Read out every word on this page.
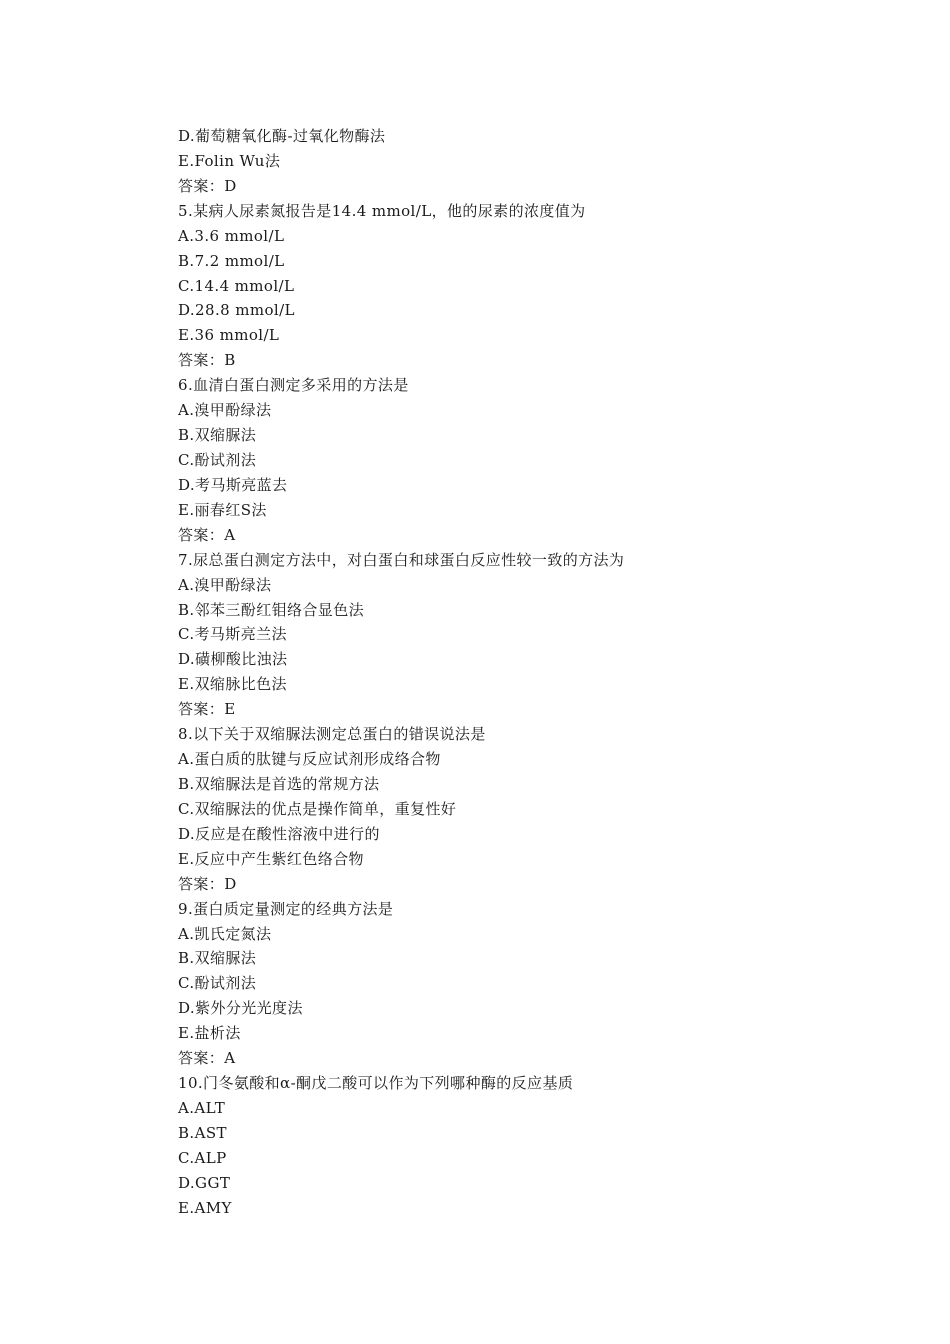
D.葡萄糖氧化酶-过氧化物酶法
E.Folin Wu法
答案：D
5.某病人尿素氮报告是14.4 mmol/L，他的尿素的浓度值为
A.3.6 mmol/L
B.7.2 mmol/L
C.14.4 mmol/L
D.28.8 mmol/L
E.36 mmol/L
答案：B
6.血清白蛋白测定多采用的方法是
A.溴甲酚绿法
B.双缩脲法
C.酚试剂法
D.考马斯亮蓝去
E.丽春红S法
答案：A
7.尿总蛋白测定方法中，对白蛋白和球蛋白反应性较一致的方法为
A.溴甲酚绿法
B.邻苯三酚红钼络合显色法
C.考马斯亮兰法
D.磺柳酸比浊法
E.双缩脉比色法
答案：E
8.以下关于双缩脲法测定总蛋白的错误说法是
A.蛋白质的肽键与反应试剂形成络合物
B.双缩脲法是首选的常规方法
C.双缩脲法的优点是操作简单，重复性好
D.反应是在酸性溶液中进行的
E.反应中产生紫红色络合物
答案：D
9.蛋白质定量测定的经典方法是
A.凯氏定氮法
B.双缩脲法
C.酚试剂法
D.紫外分光光度法
E.盐析法
答案：A
10.门冬氨酸和α-酮戊二酸可以作为下列哪种酶的反应基质
A.ALT
B.AST
C.ALP
D.GGT
E.AMY
